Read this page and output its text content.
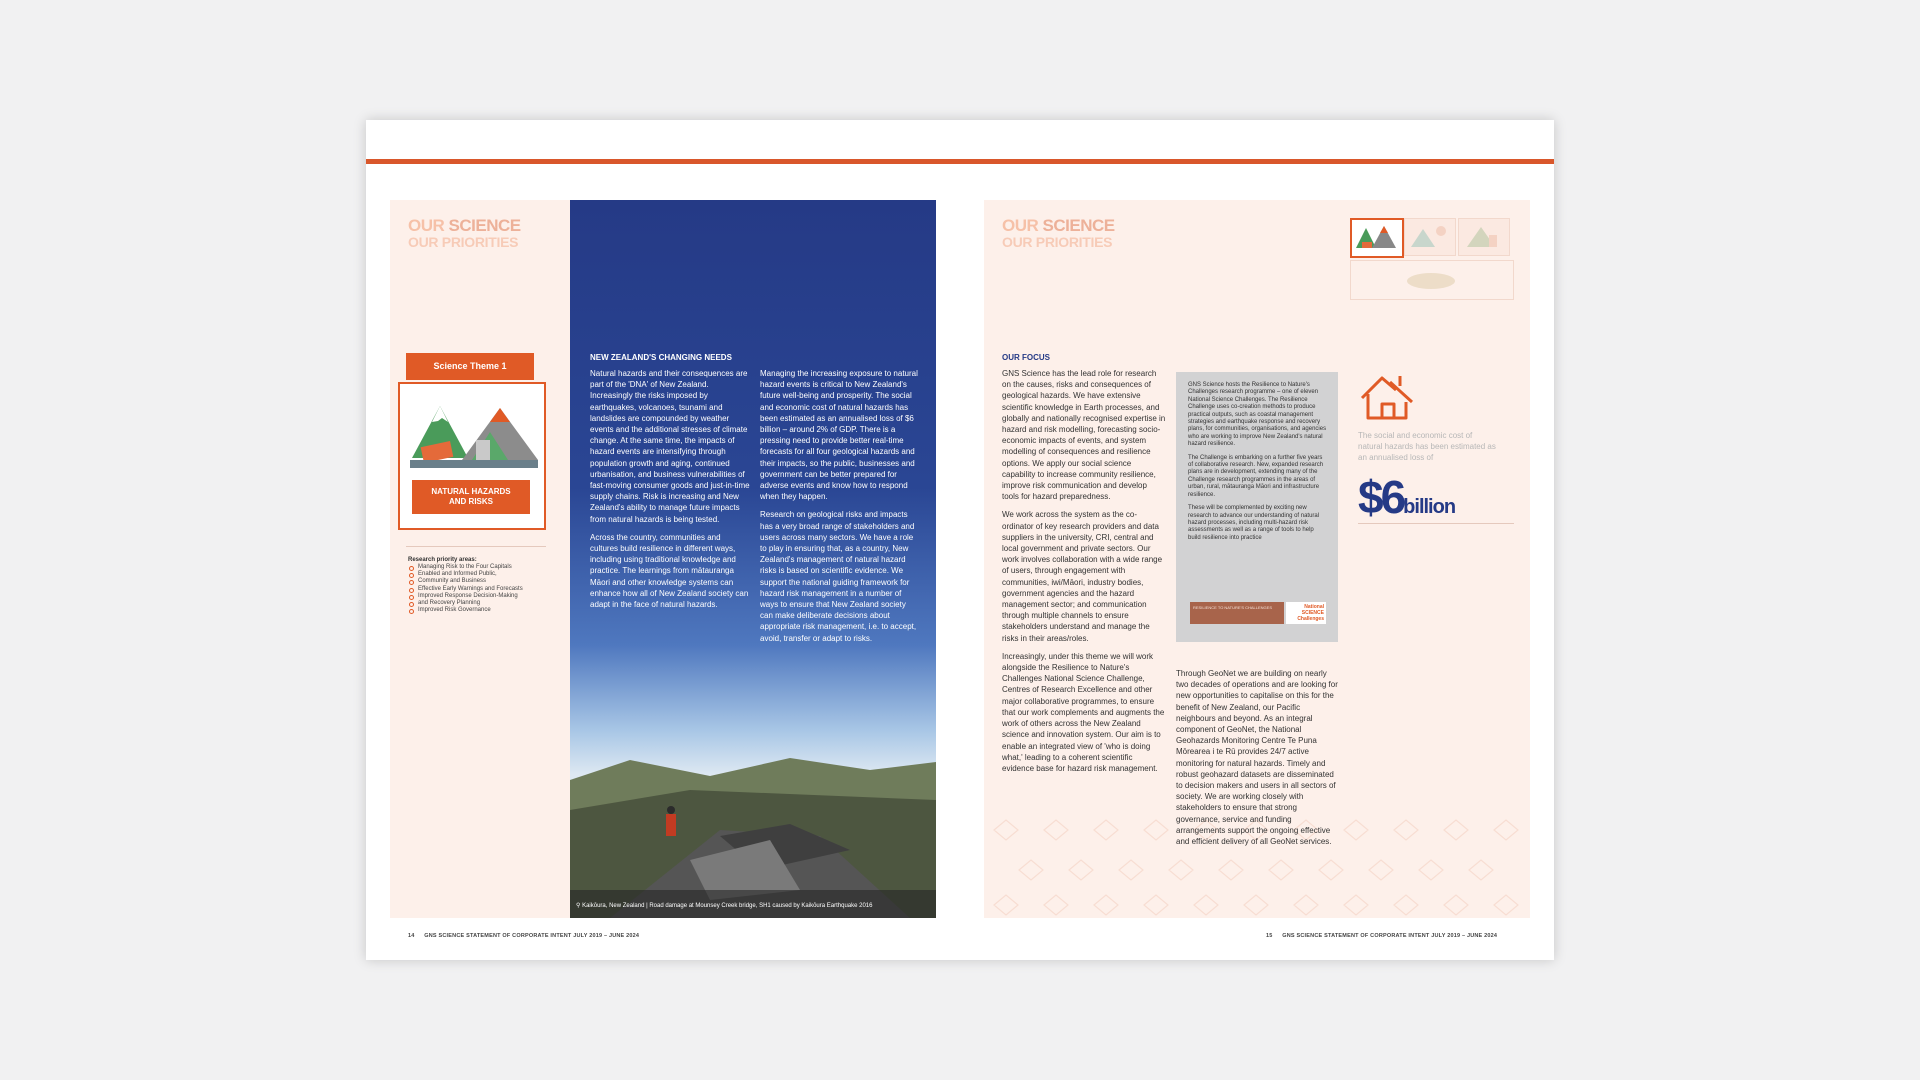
OUR SCIENCE
OUR PRIORITIES
Science Theme 1
NATURAL HAZARDS
AND RISKS
Research priority areas:
Managing Risk to the Four Capitals
Enabled and Informed Public,
Community and Business
Effective Early Warnings and Forecasts
Improved Response Decision-Making
and Recovery Planning
Improved Risk Governance
NEW ZEALAND'S CHANGING NEEDS

Natural hazards and their consequences are part of the 'DNA' of New Zealand. Increasingly the risks imposed by earthquakes, volcanoes, tsunami and landslides are compounded by weather events and the additional stresses of climate change. At the same time, the impacts of hazard events are intensifying through population growth and aging, continued urbanisation, and business vulnerabilities of fast-moving consumer goods and just-in-time supply chains. Risk is increasing and New Zealand's ability to manage future impacts from natural hazards is being tested.

Across the country, communities and cultures build resilience in different ways, including using traditional knowledge and practice. The learnings from mātauranga Māori and other knowledge systems can enhance how all of New Zealand society can adapt in the face of natural hazards.

Managing the increasing exposure to natural hazard events is critical to New Zealand's future well-being and prosperity. The social and economic cost of natural hazards has been estimated as an annualised loss of $6 billion – around 2% of GDP. There is a pressing need to provide better real-time forecasts for all four geological hazards and their impacts, so the public, businesses and government can be better prepared for adverse events and know how to respond when they happen.

Research on geological risks and impacts has a very broad range of stakeholders and users across many sectors. We have a role to play in ensuring that, as a country, New Zealand's management of natural hazard risks is based on scientific evidence. We support the national guiding framework for hazard risk management in a number of ways to ensure that New Zealand society can make deliberate decisions about appropriate risk management, i.e. to accept, avoid, transfer or adapt to risks.

⚲ Kaikōura, New Zealand | Road damage at Mounsey Creek bridge, SH1 caused by Kaikōura Earthquake 2016
14 GNS SCIENCE STATEMENT OF CORPORATE INTENT JULY 2019 – JUNE 2024
OUR SCIENCE
OUR PRIORITIES
OUR FOCUS

GNS Science has the lead role for research on the causes, risks and consequences of geological hazards. We have extensive scientific knowledge in Earth processes, and globally and nationally recognised expertise in hazard and risk modelling, forecasting socio-economic impacts of events, and system modelling of consequences and resilience options. We apply our social science capability to increase community resilience, improve risk communication and develop tools for hazard preparedness.

We work across the system as the co-ordinator of key research providers and data suppliers in the university, CRI, central and local government and private sectors. Our work involves collaboration with a wide range of users, through engagement with communities, iwi/Māori, industry bodies, government agencies and the hazard management sector; and communication through multiple channels to ensure stakeholders understand and manage the risks in their areas/roles.

Increasingly, under this theme we will work alongside the Resilience to Nature's Challenges National Science Challenge, Centres of Research Excellence and other major collaborative programmes, to ensure that our work complements and augments the work of others across the New Zealand science and innovation system. Our aim is to enable an integrated view of 'who is doing what,' leading to a coherent scientific evidence base for hazard risk management.

GNS Science hosts the Resilience to Nature's Challenges research programme – one of eleven National Science Challenges. The Resilience Challenge uses co-creation methods to produce practical outputs, such as coastal management strategies and earthquake response and recovery plans, for communities, organisations, and agencies who are working to improve New Zealand's natural hazard resilience.

The Challenge is embarking on a further five years of collaborative research. New, expanded research plans are in development, extending many of the Challenge research programmes in the areas of urban, rural, mātauranga Māori and infrastructure resilience.

These will be complemented by exciting new research to advance our understanding of natural hazard processes, including multi-hazard risk assessments as well as a range of tools to help build resilience into practice

RESILIENCE TO NATURE'S CHALLENGES	National
SCIENCE
Challenges

Through GeoNet we are building on nearly two decades of operations and are looking for new opportunities to capitalise on this for the benefit of New Zealand, our Pacific neighbours and beyond. As an integral component of GeoNet, the National Geohazards Monitoring Centre Te Puna Mōrearea i te Rū provides 24/7 active monitoring for natural hazards. Timely and robust geohazard datasets are disseminated to decision makers and users in all sectors of society. We are working closely with stakeholders to ensure that strong governance, service and funding arrangements support the ongoing effective and efficient delivery of all GeoNet services.

The social and economic cost of natural hazards has been estimated as an annualised loss of
$6billion
15 GNS SCIENCE STATEMENT OF CORPORATE INTENT JULY 2019 – JUNE 2024
